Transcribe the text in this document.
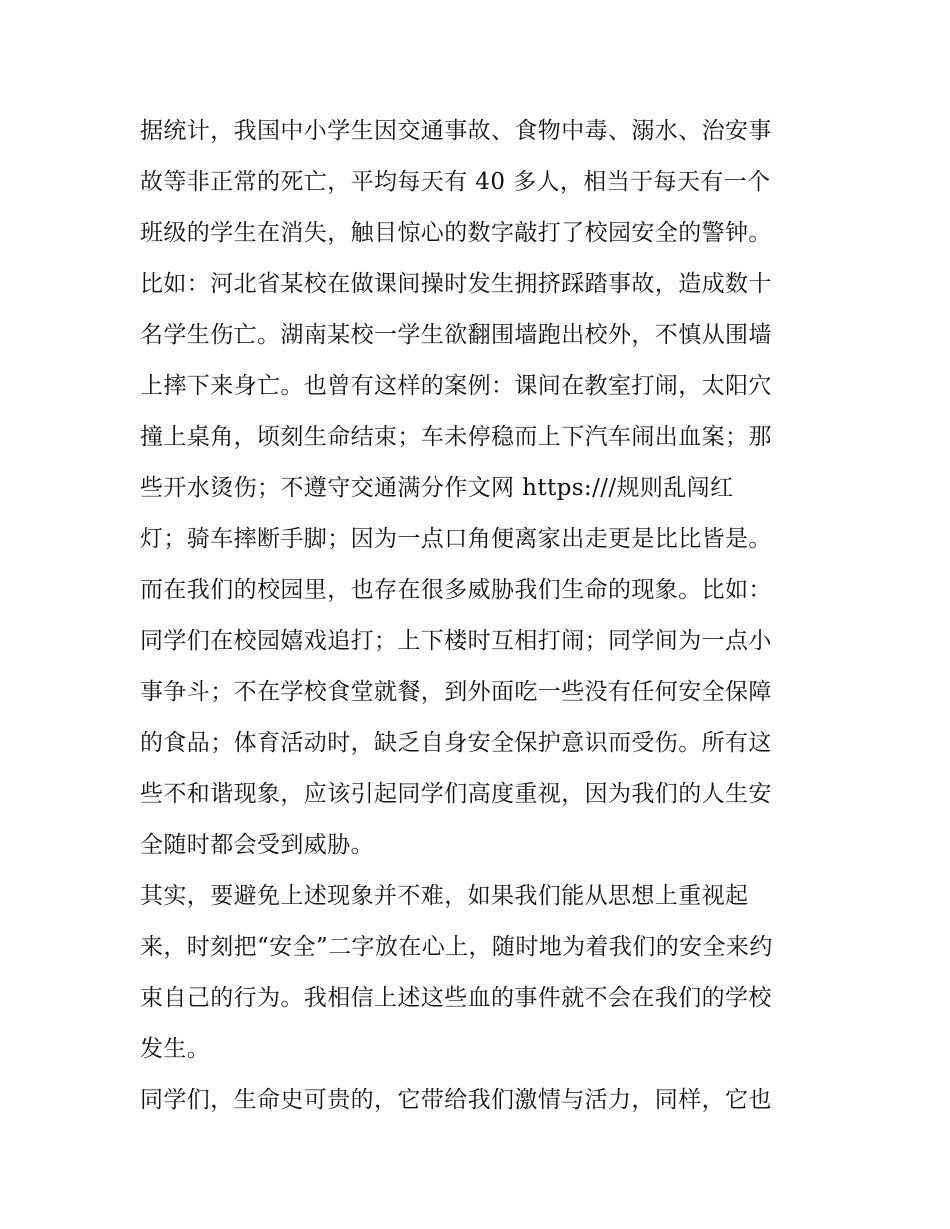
据统计，我国中小学生因交通事故、食物中毒、溺水、治安事
故等非正常的死亡，平均每天有 40 多人，相当于每天有一个
班级的学生在消失，触目惊心的数字敲打了校园安全的警钟。
比如：河北省某校在做课间操时发生拥挤踩踏事故，造成数十
名学生伤亡。湖南某校一学生欲翻围墙跑出校外，不慎从围墙
上摔下来身亡。也曾有这样的案例：课间在教室打闹，太阳穴
撞上桌角，顷刻生命结束；车未停稳而上下汽车闹出血案；那
些开水烫伤；不遵守交通满分作文网 https:///规则乱闯红
灯；骑车摔断手脚；因为一点口角便离家出走更是比比皆是。
而在我们的校园里，也存在很多威胁我们生命的现象。比如：
同学们在校园嬉戏追打；上下楼时互相打闹；同学间为一点小
事争斗；不在学校食堂就餐，到外面吃一些没有任何安全保障
的食品；体育活动时，缺乏自身安全保护意识而受伤。所有这
些不和谐现象，应该引起同学们高度重视，因为我们的人生安
全随时都会受到威胁。
其实，要避免上述现象并不难，如果我们能从思想上重视起
来，时刻把“安全”二字放在心上，随时地为着我们的安全来约
束自己的行为。我相信上述这些血的事件就不会在我们的学校
发生。
同学们，生命史可贵的，它带给我们激情与活力，同样，它也
